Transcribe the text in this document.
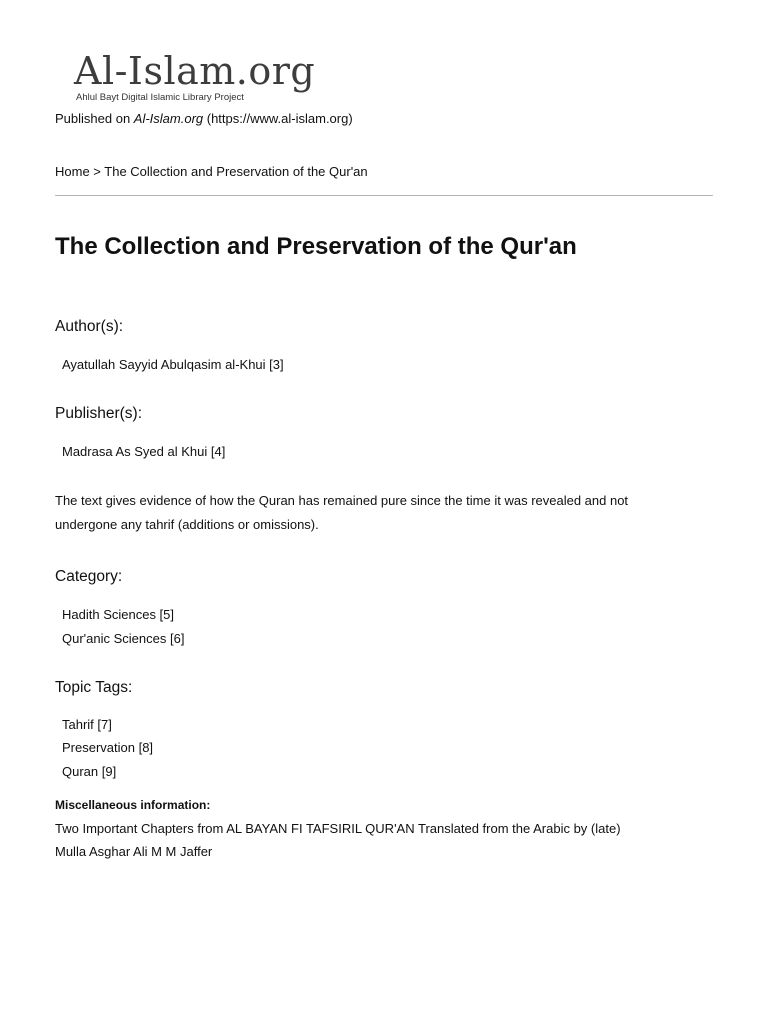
Al-Islam.org
Ahlul Bayt Digital Islamic Library Project
Published on Al-Islam.org (https://www.al-islam.org)
Home > The Collection and Preservation of the Qur'an
The Collection and Preservation of the Qur'an
Author(s):
Ayatullah Sayyid Abulqasim al-Khui [3]
Publisher(s):
Madrasa As Syed al Khui [4]
The text gives evidence of how the Quran has remained pure since the time it was revealed and not
undergone any tahrif (additions or omissions).
Category:
Hadith Sciences [5]
Qur'anic Sciences [6]
Topic Tags:
Tahrif [7]
Preservation [8]
Quran [9]
Miscellaneous information:
Two Important Chapters from AL BAYAN FI TAFSIRIL QUR'AN Translated from the Arabic by (late)
Mulla Asghar Ali M M Jaffer
